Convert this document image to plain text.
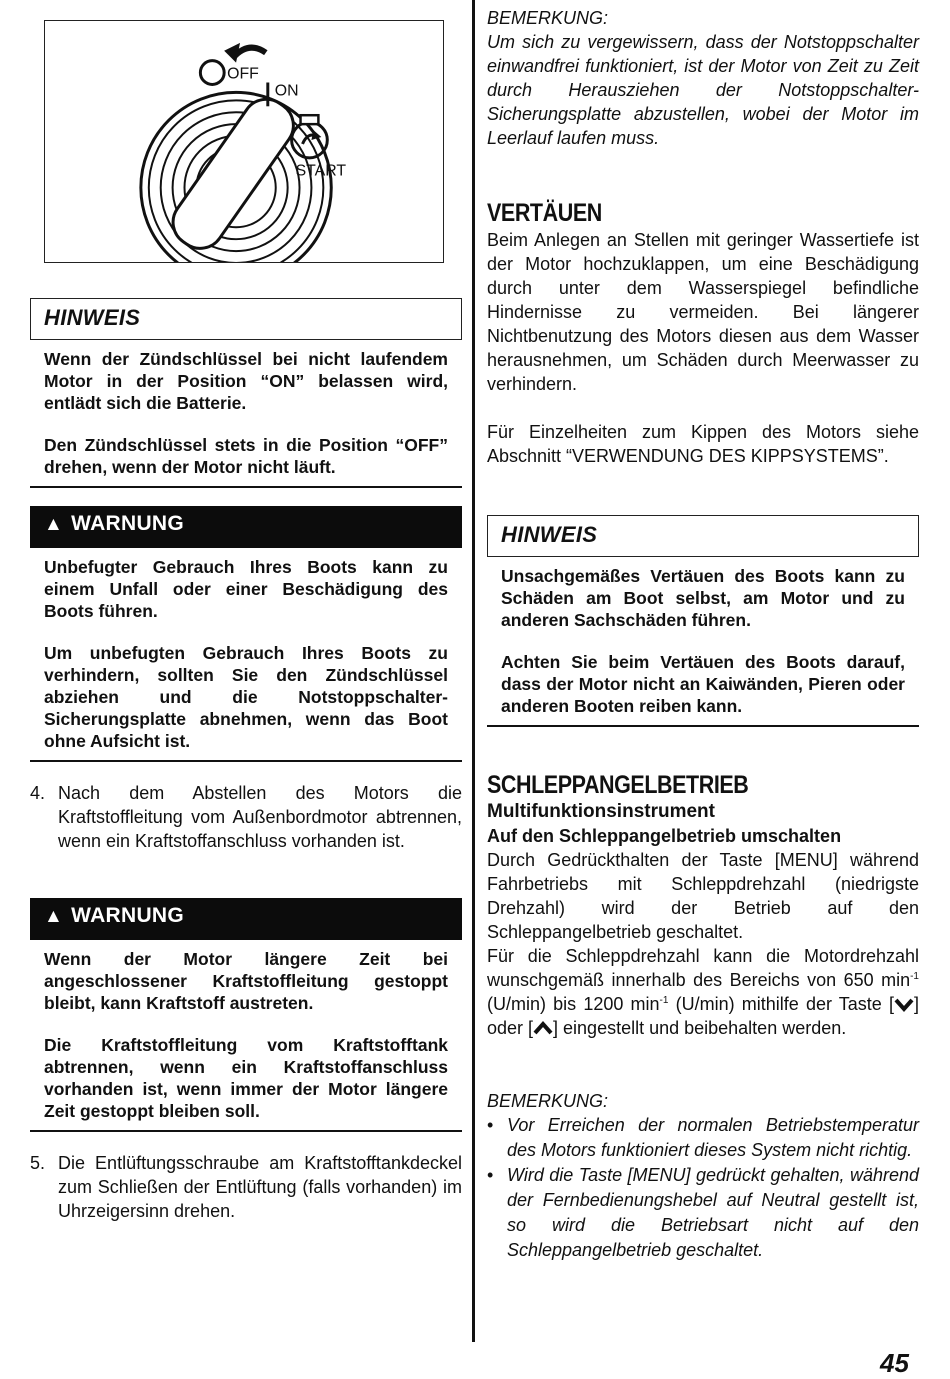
OFF
ON
START
HINWEIS

Wenn der Zündschlüssel bei nicht laufendem Motor in der Position “ON” belassen wird, entlädt sich die Batterie.

Den Zündschlüssel stets in die Position “OFF” drehen, wenn der Motor nicht läuft.

▲ WARNUNG

Unbefugter Gebrauch Ihres Boots kann zu einem Unfall oder einer Beschädigung des Boots führen.

Um unbefugten Gebrauch Ihres Boots zu verhindern, sollten Sie den Zündschlüssel abziehen und die Notstoppschalter-Sicherungsplatte abnehmen, wenn das Boot ohne Aufsicht ist.

4. Nach dem Abstellen des Motors die Kraftstoffleitung vom Außenbordmotor abtrennen, wenn ein Kraftstoffanschluss vorhanden ist.
▲ WARNUNG

Wenn der Motor längere Zeit bei angeschlossener Kraftstoffleitung gestoppt bleibt, kann Kraftstoff austreten.

Die Kraftstoffleitung vom Kraftstofftank abtrennen, wenn ein Kraftstoffanschluss vorhanden ist, wenn immer der Motor längere Zeit gestoppt bleiben soll.

5. Die Entlüftungsschraube am Kraftstofftankdeckel zum Schließen der Entlüftung (falls vorhanden) im Uhrzeigersinn drehen.
BEMERKUNG:
Um sich zu vergewissern, dass der Notstoppschalter einwandfrei funktioniert, ist der Motor von Zeit zu Zeit durch Herausziehen der Notstoppschalter-Sicherungsplatte abzustellen, wobei der Motor im Leerlauf laufen muss.
VERTÄUEN
Beim Anlegen an Stellen mit geringer Wassertiefe ist der Motor hochzuklappen, um eine Beschädigung durch unter dem Wasserspiegel befindliche Hindernisse zu vermeiden. Bei längerer Nichtbenutzung des Motors diesen aus dem Wasser herausnehmen, um Schäden durch Meerwasser zu verhindern.
Für Einzelheiten zum Kippen des Motors siehe Abschnitt “VERWENDUNG DES KIPPSYSTEMS”.
HINWEIS

Unsachgemäßes Vertäuen des Boots kann zu Schäden am Boot selbst, am Motor und zu anderen Sachschäden führen.

Achten Sie beim Vertäuen des Boots darauf, dass der Motor nicht an Kaiwänden, Pieren oder anderen Booten reiben kann.

SCHLEPPANGELBETRIEB
Multifunktionsinstrument
Auf den Schleppangelbetrieb umschalten
Durch Gedrückthalten der Taste [MENU] während Fahrbetriebs mit Schleppdrehzahl (niedrigste Drehzahl) wird der Betrieb auf den Schleppangelbetrieb geschaltet.
Für die Schleppdrehzahl kann die Motordrehzahl wunschgemäß innerhalb des Bereichs von 650 $\min^{-1} (U/\min)$ bis 1200 $\min^{-1} (U/\min)$ mithilfe der Taste [ ] oder [ ] eingestellt und beibehalten werden.
BEMERKUNG:
• Vor Erreichen der normalen Betriebstemperatur des Motors funktioniert dieses System nicht richtig.
• Wird die Taste [MENU] gedrückt gehalten, während der Fernbedienungshebel auf Neutral gestellt ist, so wird die Betriebsart nicht auf den Schleppangelbetrieb geschaltet.
45
